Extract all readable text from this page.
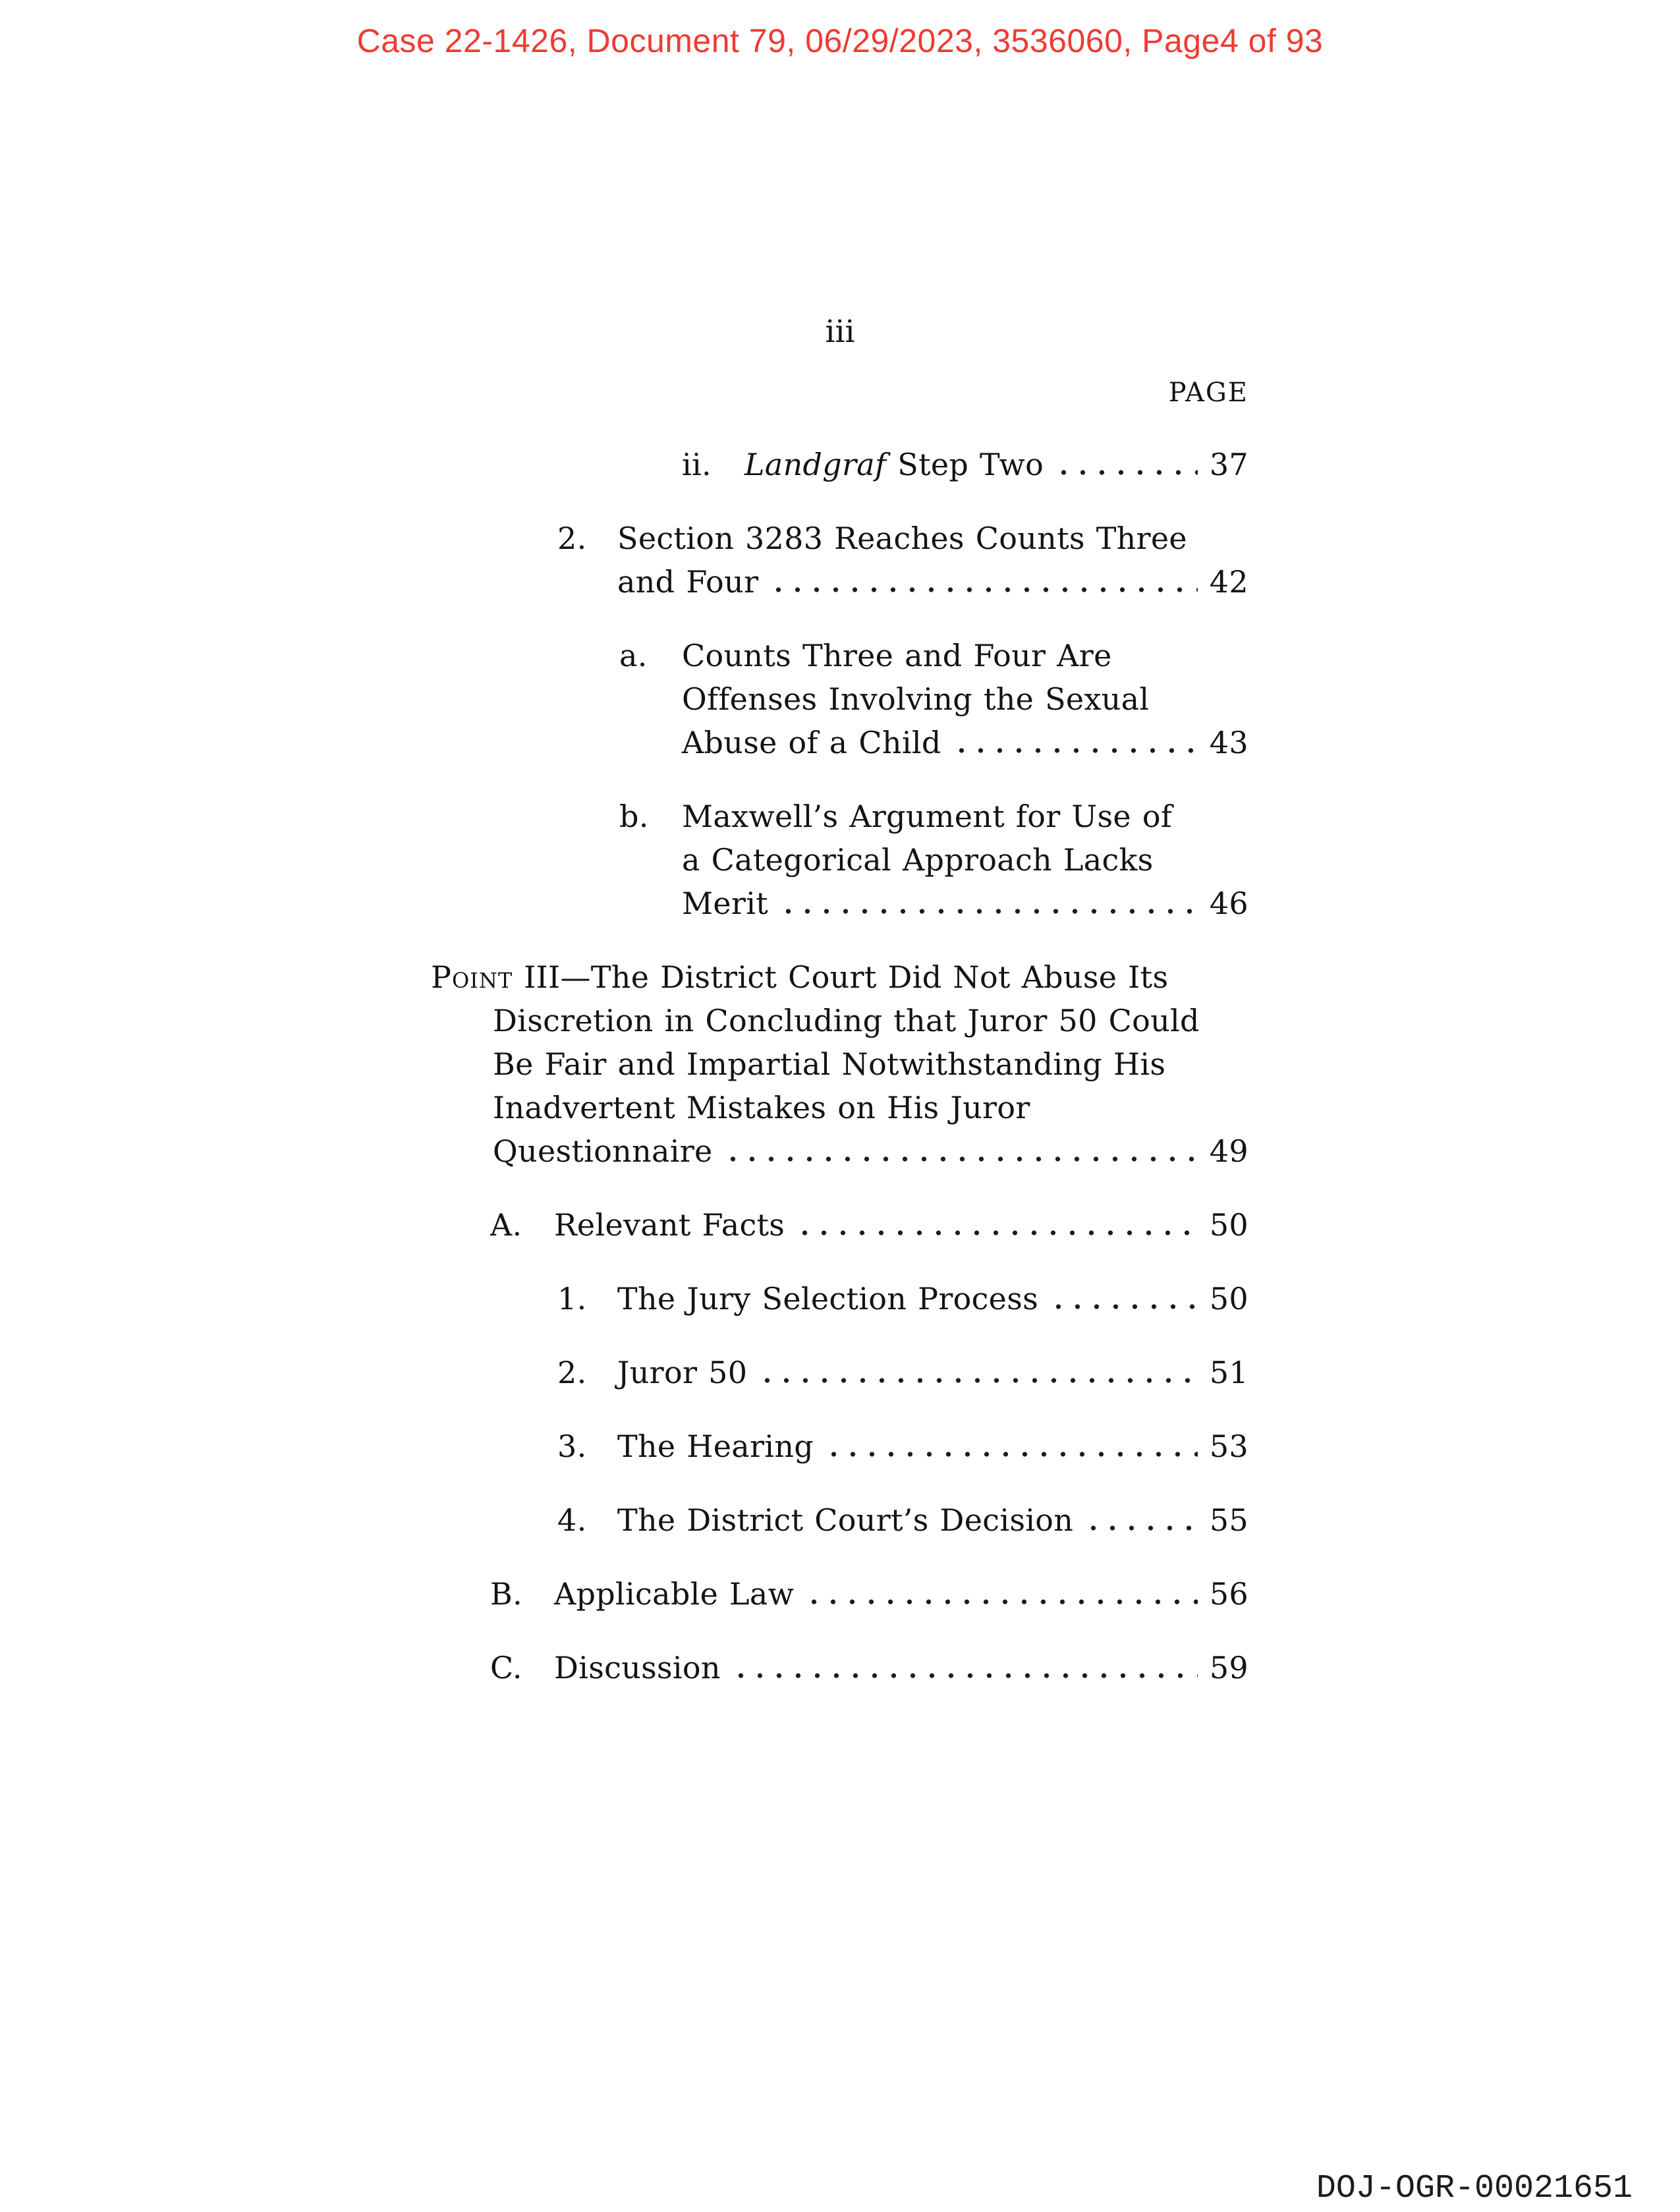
Case 22-1426, Document 79, 06/29/2023, 3536060, Page4 of 93
iii
PAGE
ii.	Landgraf Step Two	37
2.	Section 3283 Reaches Counts Three
and Four	42
a.	Counts Three and Four Are
Offenses Involving the Sexual
Abuse of a Child	43
b.	Maxwell’s Argument for Use of
a Categorical Approach Lacks
Merit	46
Point III—The District Court Did Not Abuse Its
Discretion in Concluding that Juror 50 Could
Be Fair and Impartial Notwithstanding His
Inadvertent Mistakes on His Juror
Questionnaire	49
A.	Relevant Facts	50
1.	The Jury Selection Process	50
2.	Juror 50	51
3.	The Hearing	53
4.	The District Court’s Decision	55
B.	Applicable Law	56
C.	Discussion	59
DOJ-OGR-00021651
